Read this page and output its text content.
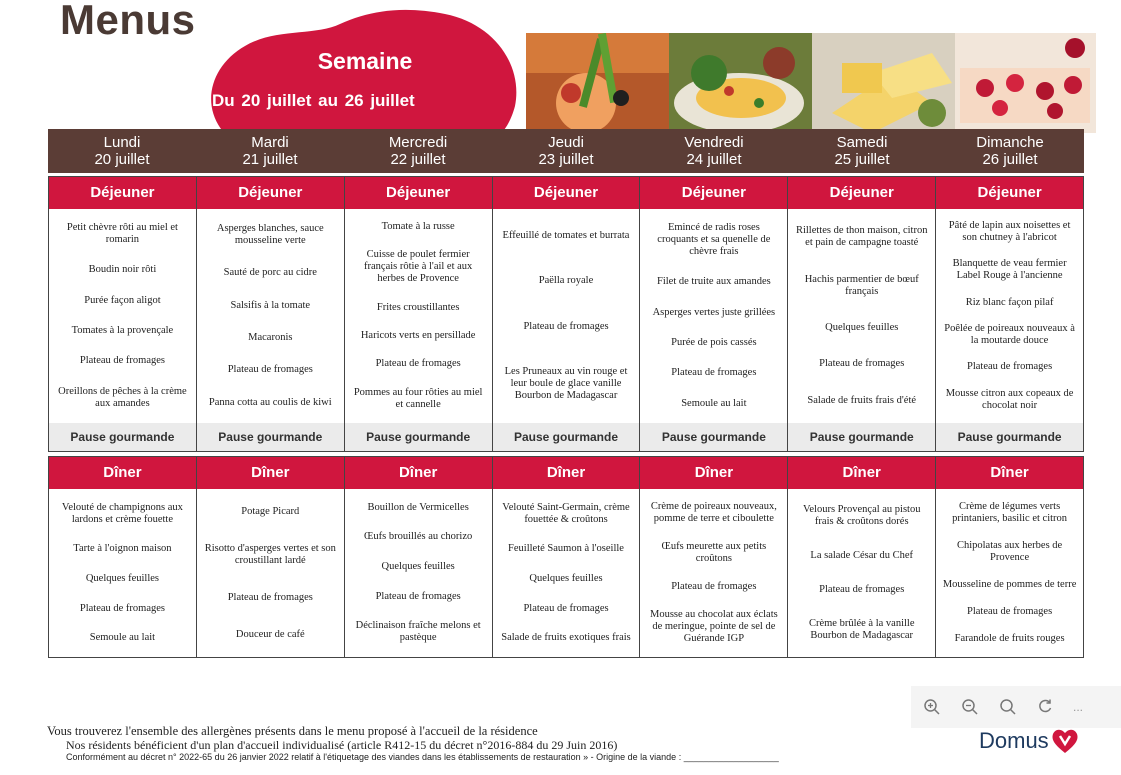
Menus
Semaine
Du 20 juillet au 26 juillet
Lundi
20 juillet
Mardi
21 juillet
Mercredi
22 juillet
Jeudi
23 juillet
Vendredi
24 juillet
Samedi
25 juillet
Dimanche
26 juillet
Déjeuner
Petit chèvre rôti au miel et romarin
Boudin noir rôti
Purée façon aligot
Tomates à la provençale
Plateau de fromages
Oreillons de pêches à la crème aux amandes
Pause gourmande
Déjeuner
Asperges blanches, sauce mousseline verte
Sauté de porc au cidre
Salsifis à la tomate
Macaronis
Plateau de fromages
Panna cotta au coulis de kiwi
Pause gourmande
Déjeuner
Tomate à la russe
Cuisse de poulet fermier français rôtie à l'ail et aux herbes de Provence
Frites croustillantes
Haricots verts en persillade
Plateau de fromages
Pommes au four rôties au miel et cannelle
Pause gourmande
Déjeuner
Effeuillé de tomates et burrata
Paëlla royale
Plateau de fromages
Les Pruneaux au vin rouge et leur boule de glace vanille Bourbon de Madagascar
Pause gourmande
Déjeuner
Emincé de radis roses croquants et sa quenelle de chèvre frais
Filet de truite aux amandes
Asperges vertes juste grillées
Purée de pois cassés
Plateau de fromages
Semoule au lait
Pause gourmande
Déjeuner
Rillettes de thon maison, citron et pain de campagne toasté
Hachis parmentier de bœuf français
Quelques feuilles
Plateau de fromages
Salade de fruits frais d'été
Pause gourmande
Déjeuner
Pâté de lapin aux noisettes et son chutney à l'abricot
Blanquette de veau fermier Label Rouge à l'ancienne
Riz blanc façon pilaf
Poêlée de poireaux nouveaux à la moutarde douce
Plateau de fromages
Mousse citron aux copeaux de chocolat noir
Pause gourmande
Dîner
Velouté de champignons aux lardons et crème fouette
Tarte à l'oignon maison
Quelques feuilles
Plateau de fromages
Semoule au lait
Dîner
Potage Picard
Risotto d'asperges vertes et son croustillant lardé
Plateau de fromages
Douceur de café
Dîner
Bouillon de Vermicelles
Œufs brouillés au chorizo
Quelques feuilles
Plateau de fromages
Déclinaison fraîche melons et pastèque
Dîner
Velouté Saint-Germain, crème fouettée & croûtons
Feuilleté Saumon à l'oseille
Quelques feuilles
Plateau de fromages
Salade de fruits exotiques frais
Dîner
Crème de poireaux nouveaux, pomme de terre et ciboulette
Œufs meurette aux petits croûtons
Plateau de fromages
Mousse au chocolat aux éclats de meringue, pointe de sel de Guérande IGP
Dîner
Velours Provençal au pistou frais & croûtons dorés
La salade César du Chef
Plateau de fromages
Crème brûlée à la vanille Bourbon de Madagascar
Dîner
Crème de légumes verts printaniers, basilic et citron
Chipolatas aux herbes de Provence
Mousseline de pommes de terre
Plateau de fromages
Farandole de fruits rouges
Vous trouverez l'ensemble des allergènes présents dans le menu proposé à l'accueil de la résidence
Nos résidents bénéficient d'un plan d'accueil individualisé (article R412-15 du décret n°2016-884 du 29 Juin 2016)
Conformément au décret n° 2022-65 du 26 janvier 2022 relatif à l'étiquetage des viandes dans les établissements de restauration » - Origine de la viande : ___________________
...
Domus
